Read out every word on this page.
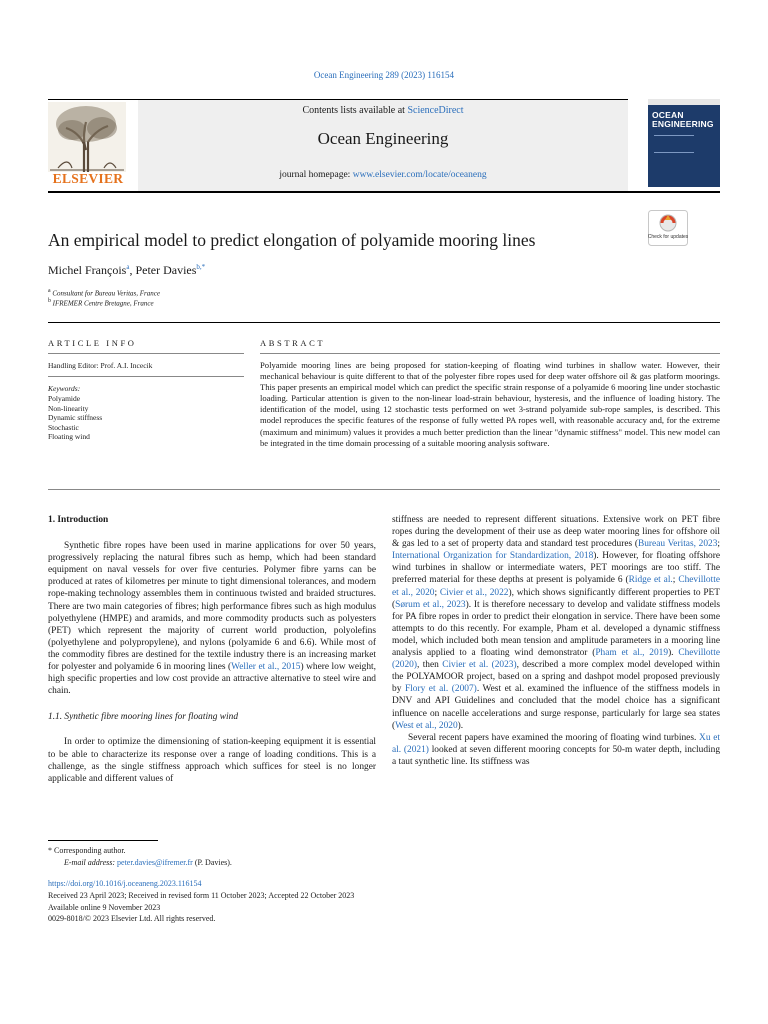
Ocean Engineering 289 (2023) 116154
ELSEVIER
Contents lists available at ScienceDirect
Ocean Engineering
journal homepage: www.elsevier.com/locate/oceaneng
OCEAN ENGINEERING
An empirical model to predict elongation of polyamide mooring lines	Check for updates
Michel François$^a$, Peter Davies$^{b,*}$
$^a$ Consultant for Bureau Veritas, France
$^b$ IFREMER Centre Bretagne, France
ARTICLE INFO	ABSTRACT
Handling Editor: Prof. A.I. Incecik
Keywords:
Polyamide
Non-linearity
Dynamic stiffness
Stochastic
Floating wind
Polyamide mooring lines are being proposed for station-keeping of floating wind turbines in shallow water. However, their mechanical behaviour is quite different to that of the polyester fibre ropes used for deep water offshore oil & gas platform moorings. This paper presents an empirical model which can predict the specific strain response of a polyamide 6 mooring line under stochastic loading. Particular attention is given to the non-linear load-strain behaviour, hysteresis, and the influence of loading history. The identification of the model, using 12 stochastic tests performed on wet 3-strand polyamide sub-rope samples, is described. This model reproduces the specific features of the response of fully wetted PA ropes well, with reasonable accuracy and, for the extreme (maximum and minimum) values it provides a much better prediction than the linear "dynamic stiffness" model. This new model can be integrated in the time domain processing of a suitable mooring analysis software.

1. Introduction

Synthetic fibre ropes have been used in marine applications for over 50 years, progressively replacing the natural fibres such as hemp, which had been standard equipment on naval vessels for over five centuries. Polymer fibre yarns can be produced at rates of kilometres per minute to tight dimensional tolerances, and modern rope-making technology assembles them in continuous twisted and braided structures. There are two main categories of fibres; high performance fibres such as high modulus polyethylene (HMPE) and aramids, and more commodity products such as polyesters (PET) which represent the majority of current world production, polyolefins (polyethylene and polypropylene), and nylons (polyamide 6 and 6.6). While most of the commodity fibres are destined for the textile industry there is an increasing market for polyester and polyamide 6 in mooring lines (Weller et al., 2015) where low weight, high specific properties and low cost provide an attractive alternative to steel wire and chain.

1.1. Synthetic fibre mooring lines for floating wind

In order to optimize the dimensioning of station-keeping equipment it is essential to be able to characterize its response over a range of loading conditions. This is a challenge, as the single stiffness approach which suffices for steel is no longer applicable and different values of

stiffness are needed to represent different situations. Extensive work on PET fibre ropes during the development of their use as deep water mooring lines for offshore oil & gas led to a set of property data and standard test procedures (Bureau Veritas, 2023; International Organization for Standardization, 2018). However, for floating offshore wind turbines in shallow or intermediate waters, PET moorings are too stiff. The preferred material for these depths at present is polyamide 6 (Ridge et al.; Chevillotte et al., 2020; Civier et al., 2022), which shows significantly different properties to PET (Sørum et al., 2023). It is therefore necessary to develop and validate stiffness models for PA fibre ropes in order to predict their elongation in service. There have been some attempts to do this recently. For example, Pham et al. developed a dynamic stiffness model, which included both mean tension and amplitude parameters in a mooring line analysis applied to a floating wind demonstrator (Pham et al., 2019). Chevillotte (2020), then Civier et al. (2023), described a more complex model developed within the POLYAMOOR project, based on a spring and dashpot model proposed previously by Flory et al. (2007). West et al. examined the influence of the stiffness models in DNV and API Guidelines and concluded that the model choice has a significant influence on nacelle accelerations and surge response, particularly for large sea states (West et al., 2020).

Several recent papers have examined the mooring of floating wind turbines. Xu et al. (2021) looked at seven different mooring concepts for 50-m water depth, including a taut synthetic line. Its stiffness was

* Corresponding author.
E-mail address: peter.davies@ifremer.fr (P. Davies).
https://doi.org/10.1016/j.oceaneng.2023.116154
Received 23 April 2023; Received in revised form 11 October 2023; Accepted 22 October 2023
Available online 9 November 2023
0029-8018/© 2023 Elsevier Ltd. All rights reserved.
